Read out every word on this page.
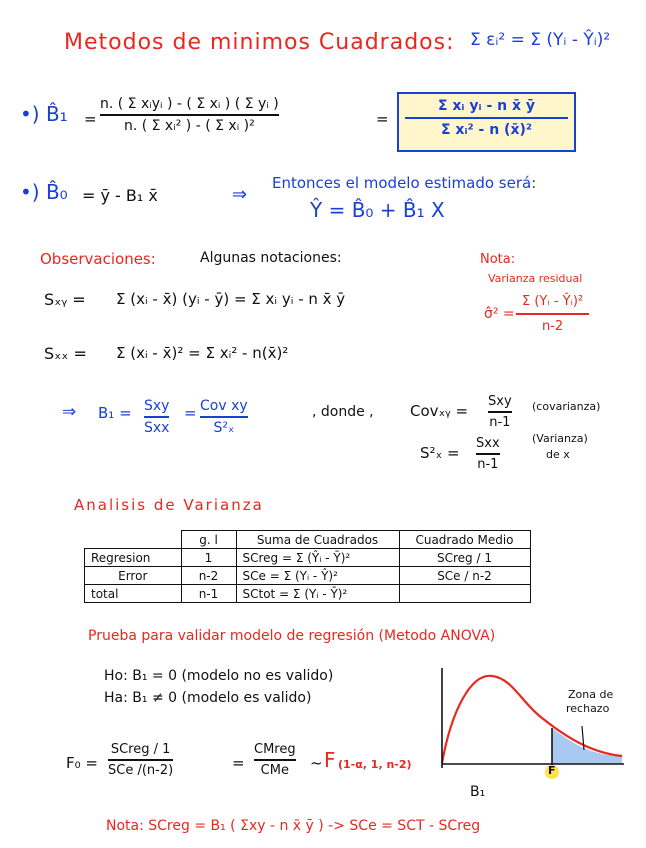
Metodos de minimos Cuadrados: Σ εᵢ² = Σ (Yᵢ - Ŷᵢ)²
•) B̂₁ =
n. ( Σ xᵢyᵢ ) - ( Σ xᵢ ) ( Σ yᵢ )
n. ( Σ xᵢ² ) - ( Σ xᵢ )²	=
Σ xᵢ yᵢ - n x̄ ȳ
Σ xᵢ² - n (x̄)²
•) B̂₀ = ȳ - B₁ x̄	⇒
Entonces el modelo estimado será:
Ŷ = B̂₀ + B̂₁ X
Observaciones:	Algunas notaciones:
Sₓᵧ = Σ (xᵢ - x̄) (yᵢ - ȳ) = Σ xᵢ yᵢ - n x̄ ȳ
Sₓₓ = Σ (xᵢ - x̄)² = Σ xᵢ² - n(x̄)²
Nota:
Varianza residual
σ̂² =
Σ (Yᵢ - Ŷᵢ)²
n-2
⇒ B₁ = Sxy
Sxx
= Cov xy
S²ₓ
, donde , Covₓᵧ =
Sxy
n-1
(covarianza)
S²ₓ =
Sxx
n-1
(Varianza)
de x
Analisis de Varianza
	g. l	Suma de Cuadrados	Cuadrado Medio
Regresion	1	SCreg = Σ (Ŷᵢ - Ȳ)²	SCreg / 1
Error	n-2	SCe = Σ (Yᵢ - Ŷ)²	SCe / n-2
total	n-1	SCtot = Σ (Yᵢ - Ȳ)²	
Prueba para validar modelo de regresión (Metodo ANOVA)
Ho: B₁ = 0 (modelo no es valido)
Ha: B₁ ≠ 0 (modelo es valido)
F₀ =
SCreg / 1
SCe /(n-2)	=
CMreg
CMe ~ F (1-α, 1, n-2)
Zona de
rechazo
F
B₁
Nota: SCreg = B₁ ( Σxy - n x̄ ȳ ) -> SCe = SCT - SCreg
